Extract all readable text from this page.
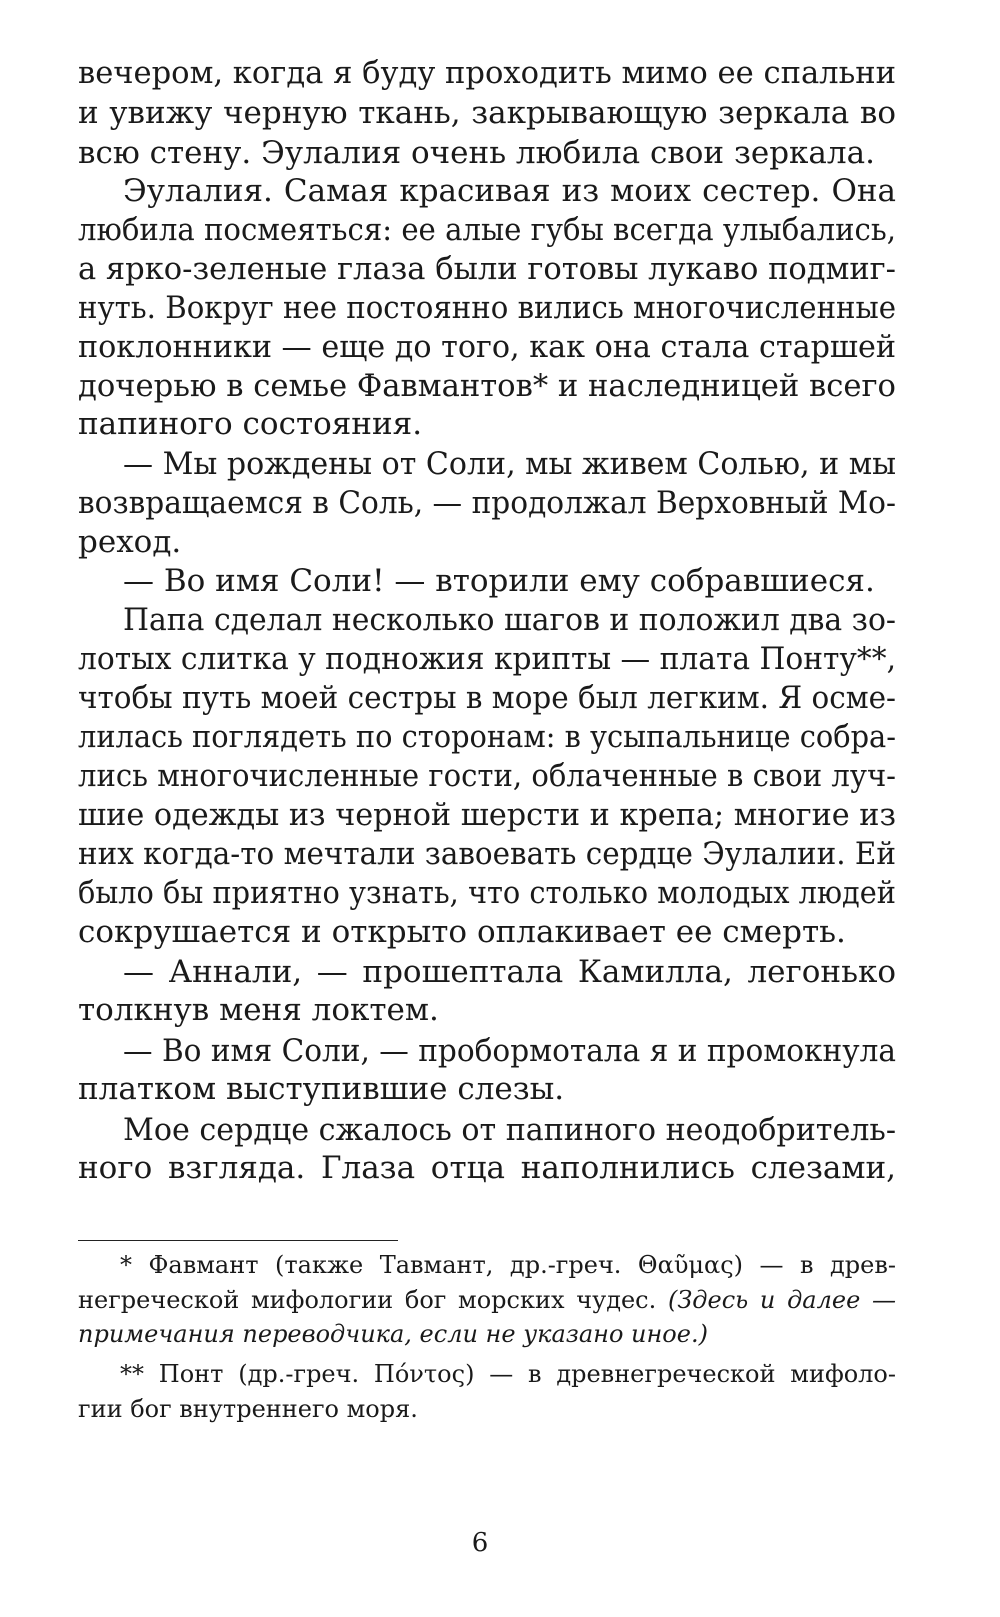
вечером, когда я буду проходить мимо ее спальни
и увижу черную ткань, закрывающую зеркала во
всю стену. Эулалия очень любила свои зеркала.
Эулалия. Самая красивая из моих сестер. Она
любила посмеяться: ее алые губы всегда улыбались,
а ярко-зеленые глаза были готовы лукаво подмиг-
нуть. Вокруг нее постоянно вились многочисленные
поклонники — еще до того, как она стала старшей
дочерью в семье Фавмантов* и наследницей всего
папиного состояния.
— Мы рождены от Соли, мы живем Солью, и мы
возвращаемся в Соль, — продолжал Верховный Мо-
реход.
— Во имя Соли! — вторили ему собравшиеся.
Папа сделал несколько шагов и положил два зо-
лотых слитка у подножия крипты — плата Понту**,
чтобы путь моей сестры в море был легким. Я осме-
лилась поглядеть по сторонам: в усыпальнице собра-
лись многочисленные гости, облаченные в свои луч-
шие одежды из черной шерсти и крепа; многие из
них когда-то мечтали завоевать сердце Эулалии. Ей
было бы приятно узнать, что столько молодых людей
сокрушается и открыто оплакивает ее смерть.
— Аннали, — прошептала Камилла, легонько
толкнув меня локтем.
— Во имя Соли, — пробормотала я и промокнула
платком выступившие слезы.
Мое сердце сжалось от папиного неодобритель-
ного взгляда. Глаза отца наполнились слезами,
* Фавмант (также Тавмант, др.-греч. Θαῦμας) — в древ-
негреческой мифологии бог морских чудес. (Здесь и далее —
примечания переводчика, если не указано иное.)
** Понт (др.-греч. Πόντος) — в древнегреческой мифоло-
гии бог внутреннего моря.
6
